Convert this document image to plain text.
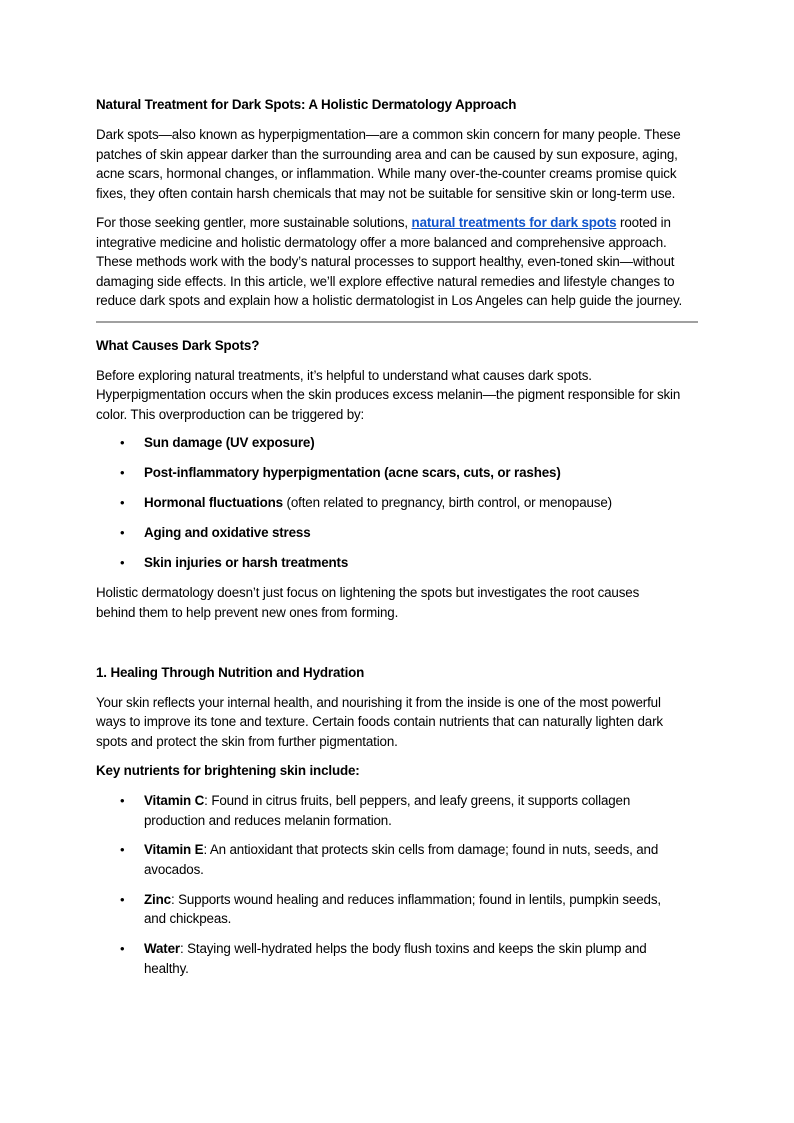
Natural Treatment for Dark Spots: A Holistic Dermatology Approach
Dark spots—also known as hyperpigmentation—are a common skin concern for many people. These
patches of skin appear darker than the surrounding area and can be caused by sun exposure, aging,
acne scars, hormonal changes, or inflammation. While many over-the-counter creams promise quick
fixes, they often contain harsh chemicals that may not be suitable for sensitive skin or long-term use.
For those seeking gentler, more sustainable solutions, natural treatments for dark spots rooted in
integrative medicine and holistic dermatology offer a more balanced and comprehensive approach.
These methods work with the body’s natural processes to support healthy, even-toned skin—without
damaging side effects. In this article, we’ll explore effective natural remedies and lifestyle changes to
reduce dark spots and explain how a holistic dermatologist in Los Angeles can help guide the journey.
What Causes Dark Spots?
Before exploring natural treatments, it’s helpful to understand what causes dark spots.
Hyperpigmentation occurs when the skin produces excess melanin—the pigment responsible for skin
color. This overproduction can be triggered by:
• Sun damage (UV exposure)
• Post-inflammatory hyperpigmentation (acne scars, cuts, or rashes)
• Hormonal fluctuations (often related to pregnancy, birth control, or menopause)
• Aging and oxidative stress
• Skin injuries or harsh treatments
Holistic dermatology doesn’t just focus on lightening the spots but investigates the root causes
behind them to help prevent new ones from forming.
1. Healing Through Nutrition and Hydration
Your skin reflects your internal health, and nourishing it from the inside is one of the most powerful
ways to improve its tone and texture. Certain foods contain nutrients that can naturally lighten dark
spots and protect the skin from further pigmentation.
Key nutrients for brightening skin include:
• Vitamin C: Found in citrus fruits, bell peppers, and leafy greens, it supports collagen
production and reduces melanin formation.
• Vitamin E: An antioxidant that protects skin cells from damage; found in nuts, seeds, and
avocados.
• Zinc: Supports wound healing and reduces inflammation; found in lentils, pumpkin seeds,
and chickpeas.
• Water: Staying well-hydrated helps the body flush toxins and keeps the skin plump and
healthy.
